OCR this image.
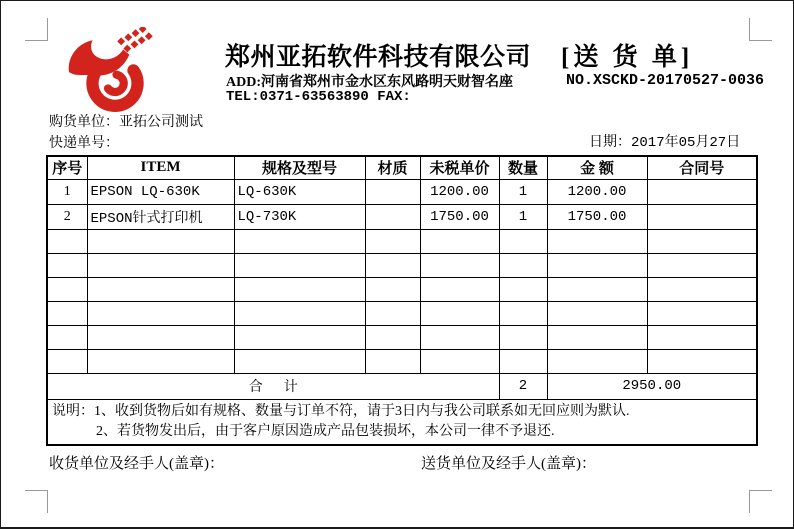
郑州亚拓软件科技有限公司 [送 货 单]
ADD:河南省郑州市金水区东风路明天财智名座
TEL:0371-63563890 FAX:
NO.XSCKD-20170527-0036
购货单位：亚拓公司测试
快递单号：	日期：2017年05月27日
序号	ITEM	规格及型号	材质	未税单价	数量	金 额	合同号
1	EPSON LQ-630K	LQ-630K		1200.00	1	1200.00	
2	EPSON针式打印机	LQ-730K		1750.00	1	1750.00	

合      计					2	2950.00	

说明：1、收到货物后如有规格、数量与订单不符，请于3日内与我公司联系如无回应则为默认.
2、若货物发出后，由于客户原因造成产品包装损坏，本公司一律不予退还.							
收货单位及经手人(盖章)：	送货单位及经手人(盖章)：
